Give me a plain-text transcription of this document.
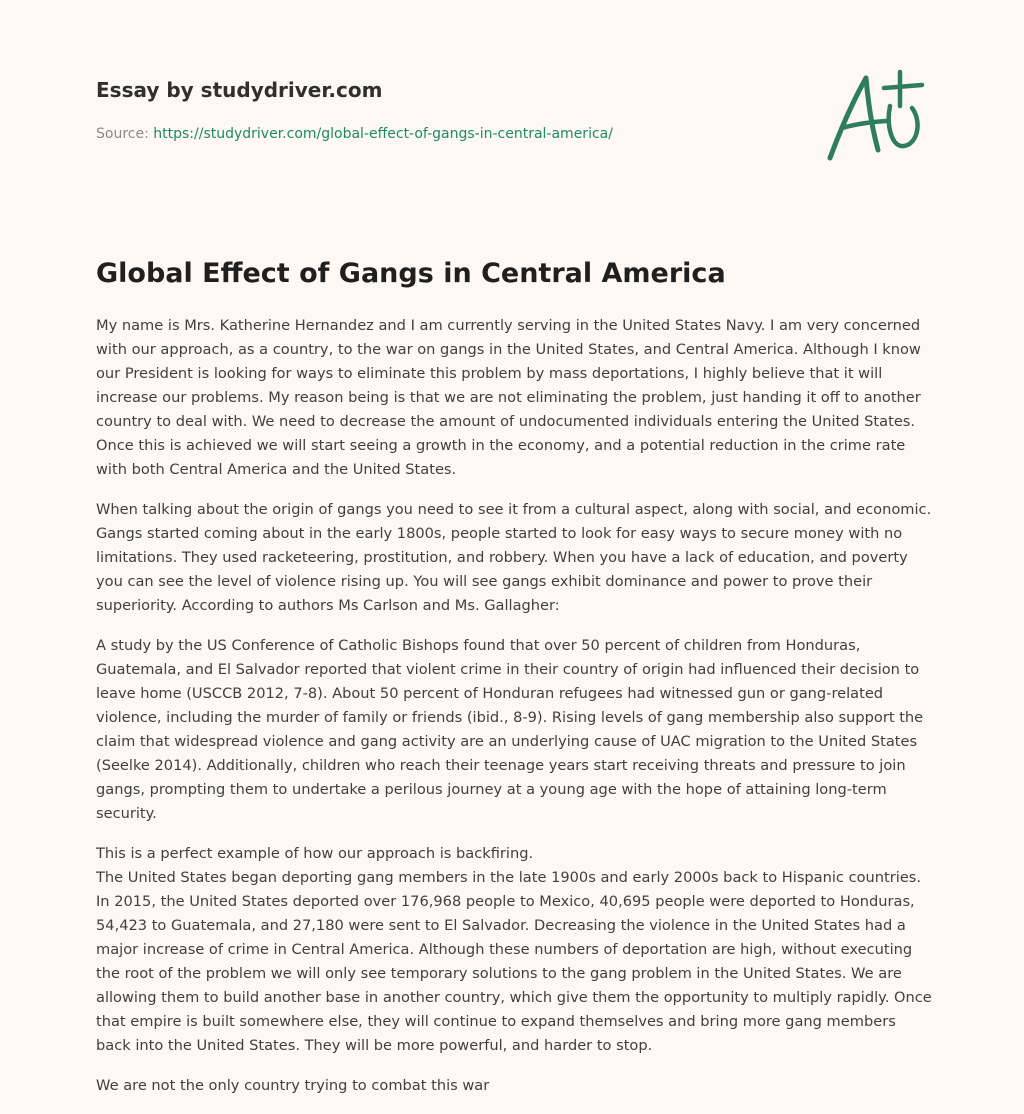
Essay by studydriver.com
Source: https://studydriver.com/global-effect-of-gangs-in-central-america/
Global Effect of Gangs in Central America

My name is Mrs. Katherine Hernandez and I am currently serving in the United States Navy. I am very concerned with our approach, as a country, to the war on gangs in the United States, and Central America. Although I know our President is looking for ways to eliminate this problem by mass deportations, I highly believe that it will increase our problems. My reason being is that we are not eliminating the problem, just handing it off to another country to deal with. We need to decrease the amount of undocumented individuals entering the United States. Once this is achieved we will start seeing a growth in the economy, and a potential reduction in the crime rate with both Central America and the United States.

When talking about the origin of gangs you need to see it from a cultural aspect, along with social, and economic. Gangs started coming about in the early 1800s, people started to look for easy ways to secure money with no limitations. They used racketeering, prostitution, and robbery. When you have a lack of education, and poverty you can see the level of violence rising up. You will see gangs exhibit dominance and power to prove their superiority. According to authors Ms Carlson and Ms. Gallagher:

A study by the US Conference of Catholic Bishops found that over 50 percent of children from Honduras, Guatemala, and El Salvador reported that violent crime in their country of origin had influenced their decision to leave home (USCCB 2012, 7-8). About 50 percent of Honduran refugees had witnessed gun or gang-related violence, including the murder of family or friends (ibid., 8-9). Rising levels of gang membership also support the claim that widespread violence and gang activity are an underlying cause of UAC migration to the United States (Seelke 2014). Additionally, children who reach their teenage years start receiving threats and pressure to join gangs, prompting them to undertake a perilous journey at a young age with the hope of attaining long-term security.

This is a perfect example of how our approach is backfiring.
The United States began deporting gang members in the late 1900s and early 2000s back to Hispanic countries. In 2015, the United States deported over 176,968 people to Mexico, 40,695 people were deported to Honduras, 54,423 to Guatemala, and 27,180 were sent to El Salvador. Decreasing the violence in the United States had a major increase of crime in Central America. Although these numbers of deportation are high, without executing the root of the problem we will only see temporary solutions to the gang problem in the United States. We are allowing them to build another base in another country, which give them the opportunity to multiply rapidly. Once that empire is built somewhere else, they will continue to expand themselves and bring more gang members back into the United States. They will be more powerful, and harder to stop.

We are not the only country trying to combat this war
